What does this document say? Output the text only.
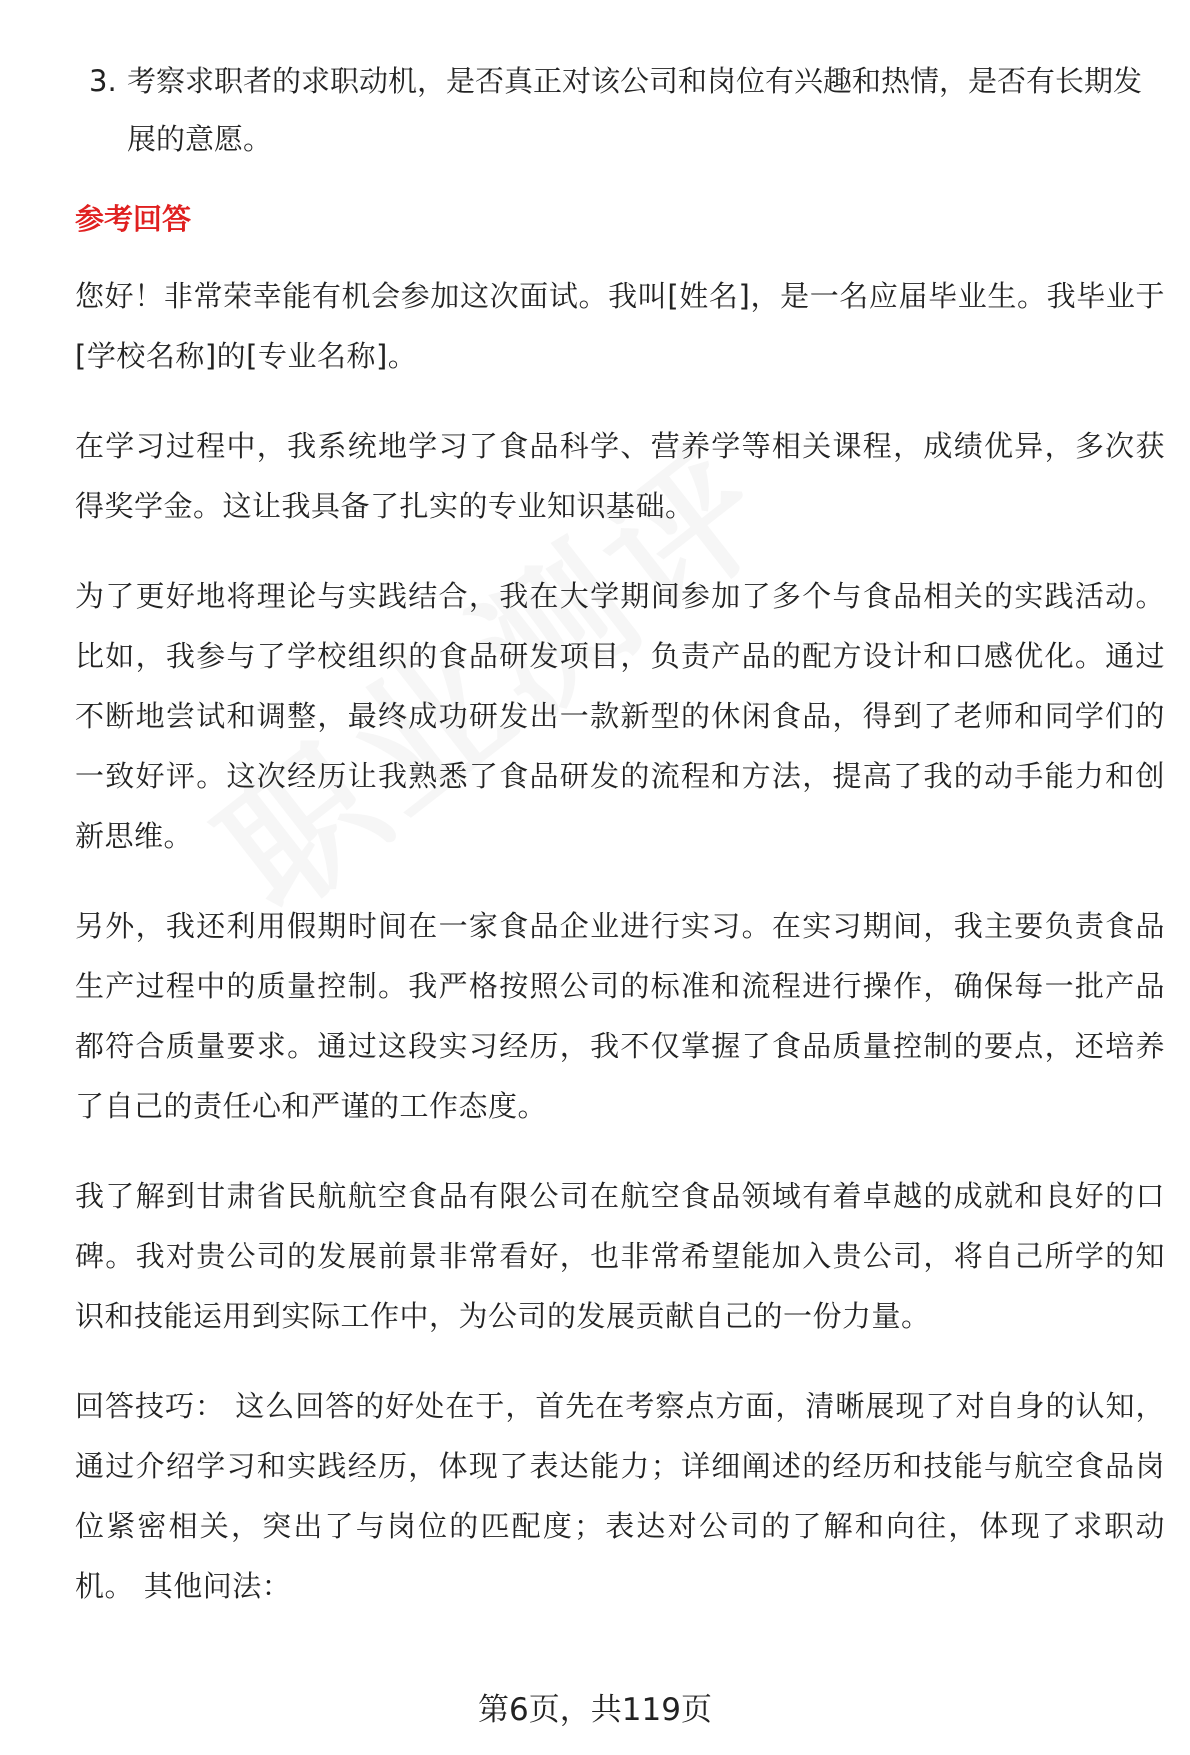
3. 考察求职者的求职动机，是否真正对该公司和岗位有兴趣和热情，是否有长期发展的意愿。
参考回答

您好！非常荣幸能有机会参加这次面试。我叫[姓名]，是一名应届毕业生。我毕业于[学校名称]的[专业名称]。

在学习过程中，我系统地学习了食品科学、营养学等相关课程，成绩优异，多次获得奖学金。这让我具备了扎实的专业知识基础。

为了更好地将理论与实践结合，我在大学期间参加了多个与食品相关的实践活动。比如，我参与了学校组织的食品研发项目，负责产品的配方设计和口感优化。通过不断地尝试和调整，最终成功研发出一款新型的休闲食品，得到了老师和同学们的一致好评。这次经历让我熟悉了食品研发的流程和方法，提高了我的动手能力和创新思维。

另外，我还利用假期时间在一家食品企业进行实习。在实习期间，我主要负责食品生产过程中的质量控制。我严格按照公司的标准和流程进行操作，确保每一批产品都符合质量要求。通过这段实习经历，我不仅掌握了食品质量控制的要点，还培养了自己的责任心和严谨的工作态度。

我了解到甘肃省民航航空食品有限公司在航空食品领域有着卓越的成就和良好的口碑。我对贵公司的发展前景非常看好，也非常希望能加入贵公司，将自己所学的知识和技能运用到实际工作中，为公司的发展贡献自己的一份力量。

回答技巧： 这么回答的好处在于，首先在考察点方面，清晰展现了对自身的认知，通过介绍学习和实践经历，体现了表达能力；详细阐述的经历和技能与航空食品岗位紧密相关，突出了与岗位的匹配度；表达对公司的了解和向往，体现了求职动机。 其他问法：

第6页，共119页
